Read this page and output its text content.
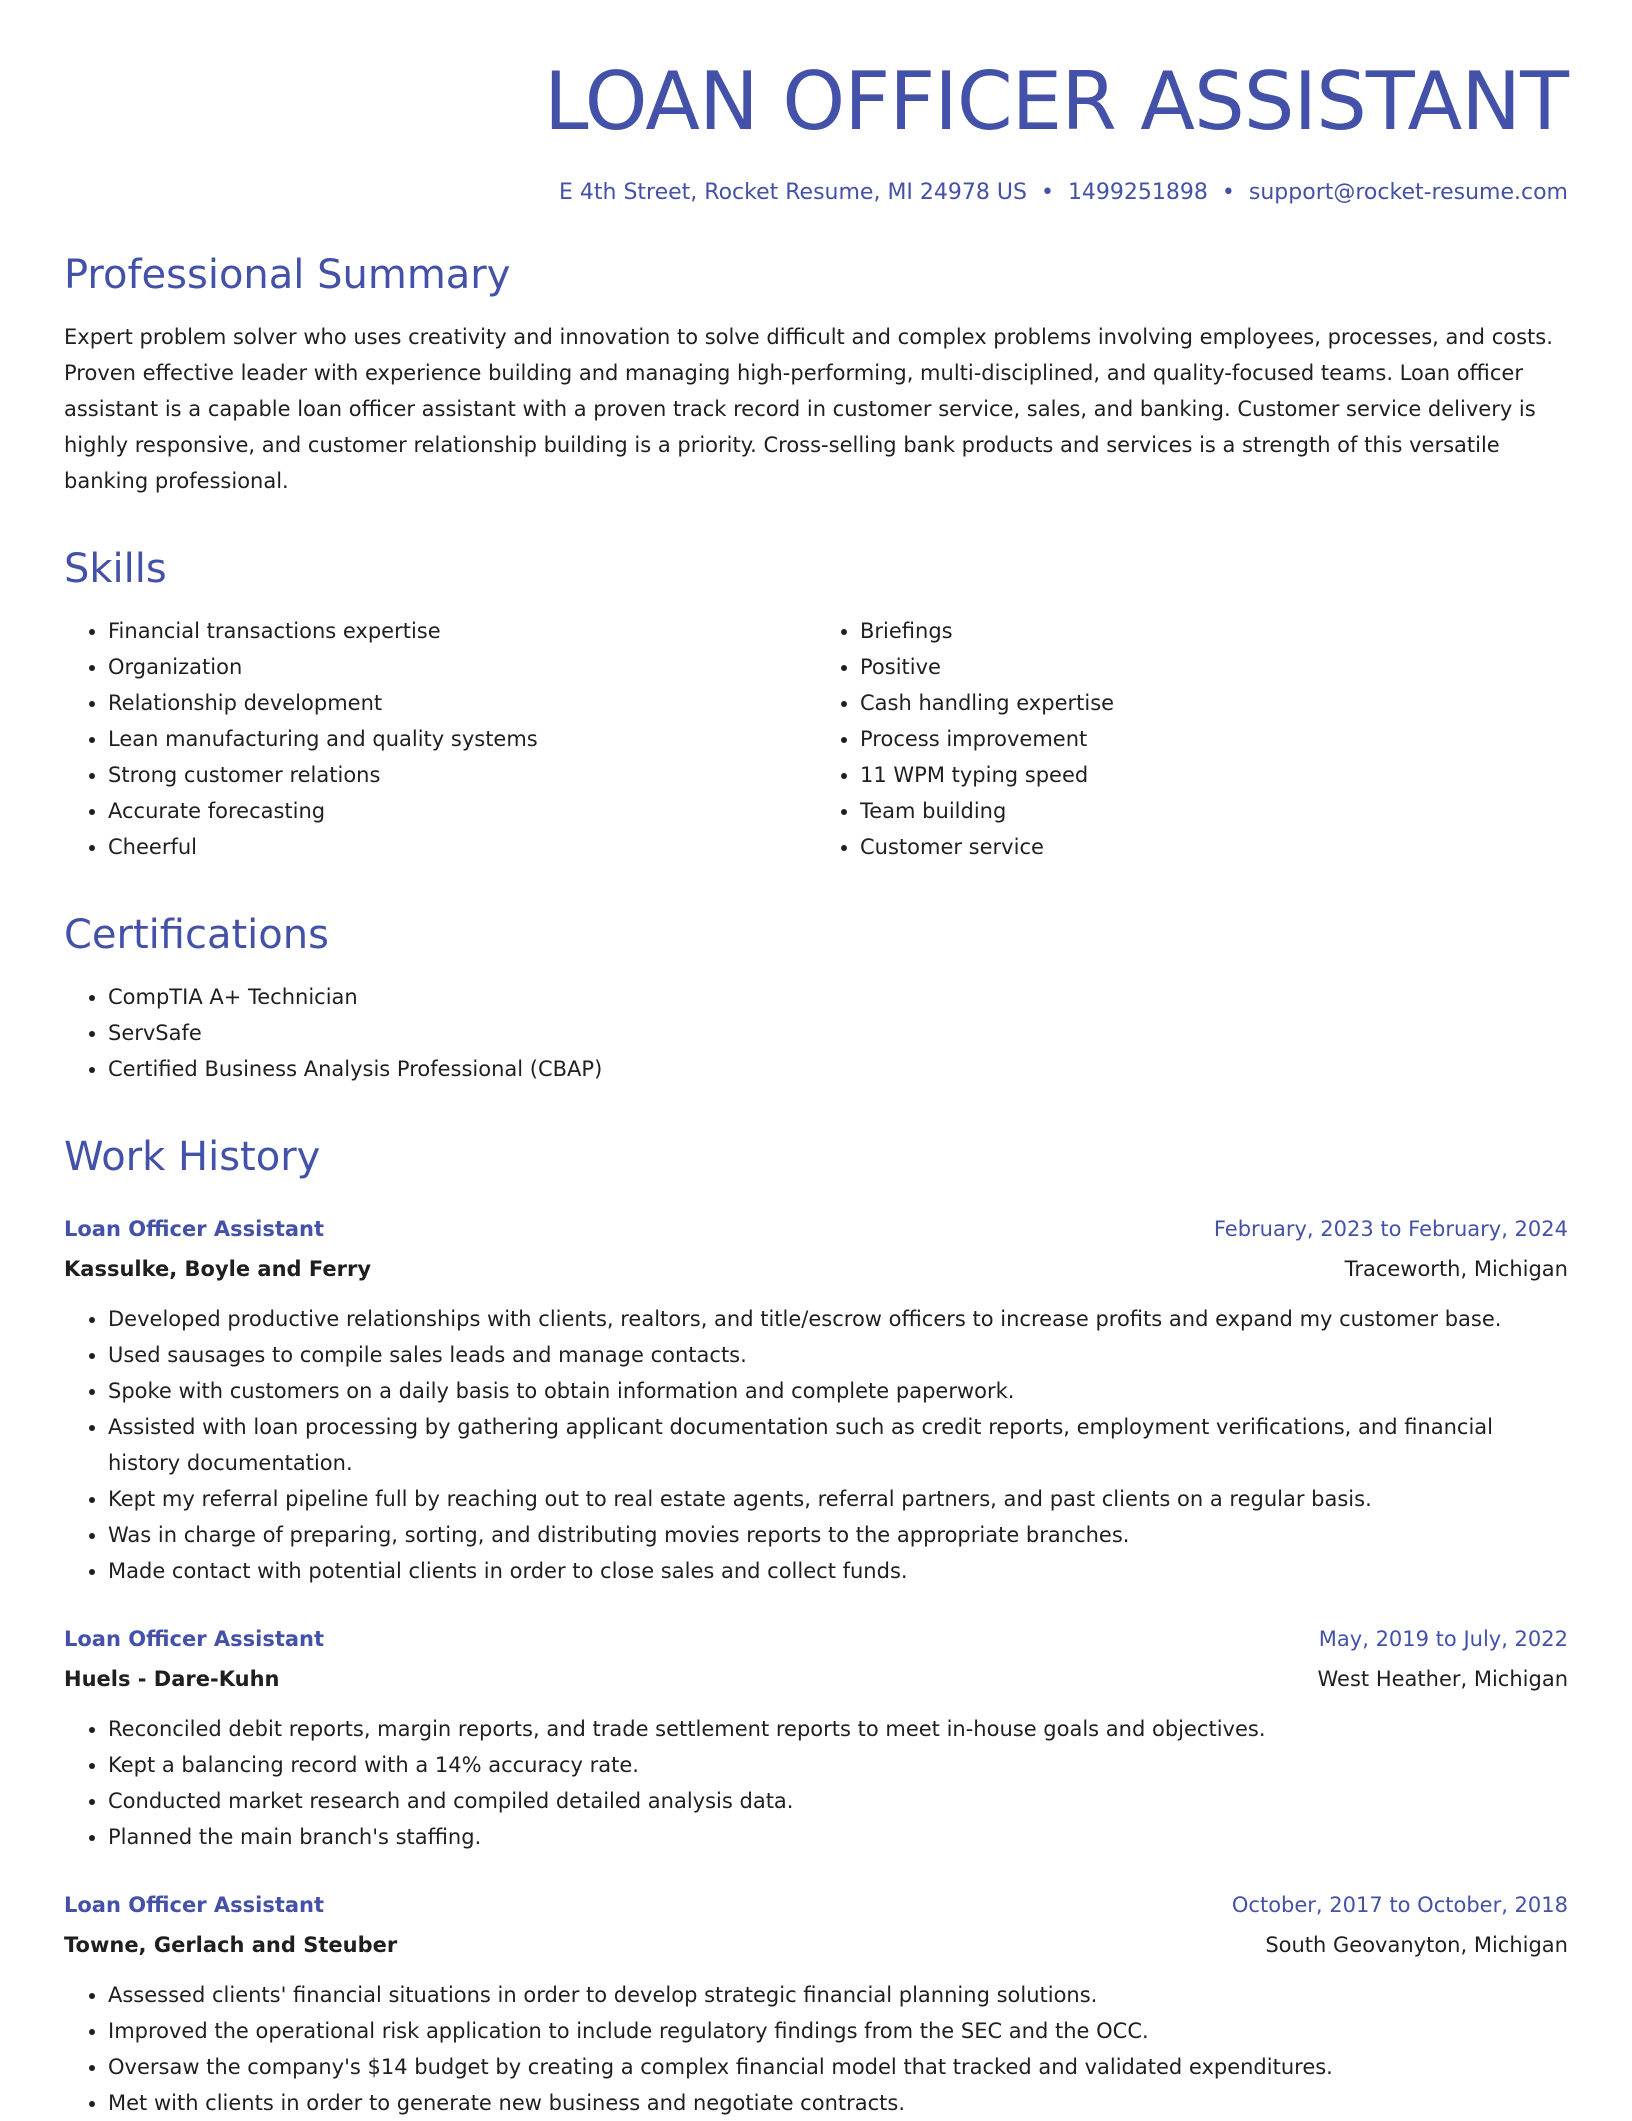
LOAN OFFICER ASSISTANT
E 4th Street, Rocket Resume, MI 24978 US • 1499251898 • support@rocket-resume.com
Professional Summary

Expert problem solver who uses creativity and innovation to solve difficult and complex problems involving employees, processes, and costs. Proven effective leader with experience building and managing high-performing, multi-disciplined, and quality-focused teams. Loan officer assistant is a capable loan officer assistant with a proven track record in customer service, sales, and banking. Customer service delivery is highly responsive, and customer relationship building is a priority. Cross-selling bank products and services is a strength of this versatile banking professional.

Skills
• Financial transactions expertise
• Organization
• Relationship development
• Lean manufacturing and quality systems
• Strong customer relations
• Accurate forecasting
• Cheerful
• Briefings
• Positive
• Cash handling expertise
• Process improvement
• 11 WPM typing speed
• Team building
• Customer service
Certifications
• CompTIA A+ Technician
• ServSafe
• Certified Business Analysis Professional (CBAP)
Work History
Loan Officer Assistant	February, 2023 to February, 2024
Kassulke, Boyle and Ferry	Traceworth, Michigan
• Developed productive relationships with clients, realtors, and title/escrow officers to increase profits and expand my customer base.
• Used sausages to compile sales leads and manage contacts.
• Spoke with customers on a daily basis to obtain information and complete paperwork.
• Assisted with loan processing by gathering applicant documentation such as credit reports, employment verifications, and financial history documentation.
• Kept my referral pipeline full by reaching out to real estate agents, referral partners, and past clients on a regular basis.
• Was in charge of preparing, sorting, and distributing movies reports to the appropriate branches.
• Made contact with potential clients in order to close sales and collect funds.
Loan Officer Assistant	May, 2019 to July, 2022
Huels - Dare-Kuhn	West Heather, Michigan
• Reconciled debit reports, margin reports, and trade settlement reports to meet in-house goals and objectives.
• Kept a balancing record with a 14% accuracy rate.
• Conducted market research and compiled detailed analysis data.
• Planned the main branch's staffing.
Loan Officer Assistant	October, 2017 to October, 2018
Towne, Gerlach and Steuber	South Geovanyton, Michigan
• Assessed clients' financial situations in order to develop strategic financial planning solutions.
• Improved the operational risk application to include regulatory findings from the SEC and the OCC.
• Oversaw the company's $14 budget by creating a complex financial model that tracked and validated expenditures.
• Met with clients in order to generate new business and negotiate contracts.
